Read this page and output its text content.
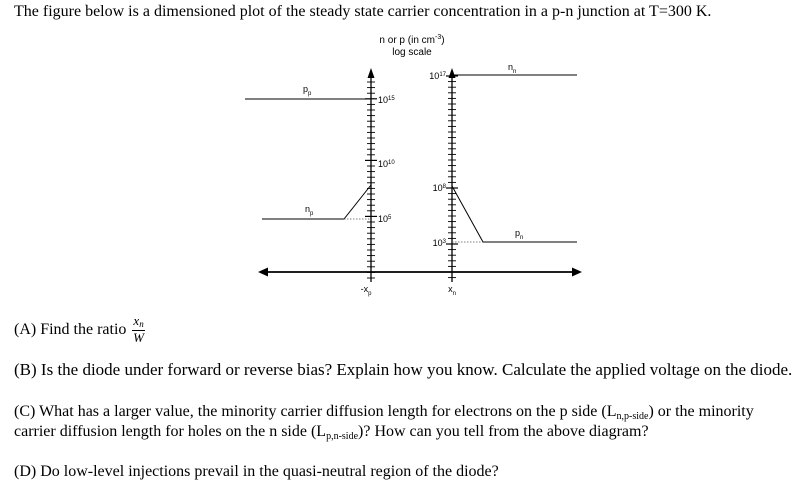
The figure below is a dimensioned plot of the steady state carrier concentration in a p-n junction at T=300 K.
n or p (in $cm^{-3}$)
log scale
$10^{15}$
$10^{10}$
$10^5$
$10^{17}$
$10^8$
$10^3$
$p_p$
$n_p$
$n_n$
$p_n$
$-x_p$	$x_n$
(A) Find the ratio $\frac{x_n}{W}$
(B) Is the diode under forward or reverse bias? Explain how you know. Calculate the applied voltage on the diode.
(C) What has a larger value, the minority carrier diffusion length for electrons on the p side $(L_{n,p-side})$ or the minority carrier diffusion length for holes on the n side $(L_{p,n-side})$? How can you tell from the above diagram?
(D) Do low-level injections prevail in the quasi-neutral region of the diode?
